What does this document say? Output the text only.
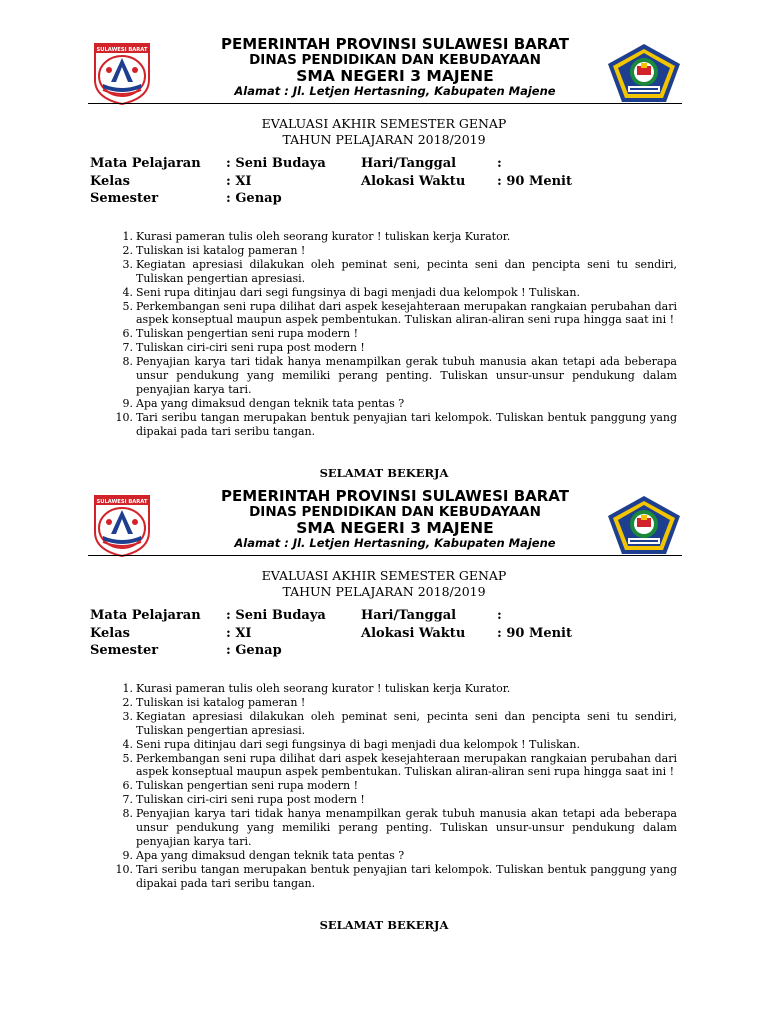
SULAWESI BARAT	PEMERINTAH PROVINSI SULAWESI BARAT
DINAS PENDIDIKAN DAN KEBUDAYAAN
SMA NEGERI 3 MAJENE
Alamat : Jl. Letjen Hertasning, Kabupaten Majene
EVALUASI AKHIR SEMESTER GENAP
TAHUN PELAJARAN 2018/2019
Mata Pelajaran : Seni Budaya	Hari/Tanggal	:
Kelas	: XI	Alokasi Waktu : 90 Menit
Semester	: Genap
1. Kurasi pameran tulis oleh seorang kurator ! tuliskan kerja Kurator.
2. Tuliskan isi katalog pameran !
3. Kegiatan apresiasi dilakukan oleh peminat seni, pecinta seni dan pencipta seni tu sendiri, Tuliskan pengertian apresiasi.
4. Seni rupa ditinjau dari segi fungsinya di bagi menjadi dua kelompok ! Tuliskan.
5. Perkembangan seni rupa dilihat dari aspek kesejahteraan merupakan rangkaian perubahan dari aspek konseptual maupun aspek pembentukan. Tuliskan aliran-aliran seni rupa hingga saat ini !
6. Tuliskan pengertian seni rupa modern !
7. Tuliskan ciri-ciri seni rupa post modern !
8. Penyajian karya tari tidak hanya menampilkan gerak tubuh manusia akan tetapi ada beberapa unsur pendukung yang memiliki perang penting. Tuliskan unsur-unsur pendukung dalam penyajian karya tari.
9. Apa yang dimaksud dengan teknik tata pentas ?
10. Tari seribu tangan merupakan bentuk penyajian tari kelompok. Tuliskan bentuk panggung yang dipakai pada tari seribu tangan.
SELAMAT BEKERJA
SULAWESI BARAT	PEMERINTAH PROVINSI SULAWESI BARAT
DINAS PENDIDIKAN DAN KEBUDAYAAN
SMA NEGERI 3 MAJENE
Alamat : Jl. Letjen Hertasning, Kabupaten Majene
EVALUASI AKHIR SEMESTER GENAP
TAHUN PELAJARAN 2018/2019
Mata Pelajaran : Seni Budaya	Hari/Tanggal	:
Kelas	: XI	Alokasi Waktu : 90 Menit
Semester	: Genap
1. Kurasi pameran tulis oleh seorang kurator ! tuliskan kerja Kurator.
2. Tuliskan isi katalog pameran !
3. Kegiatan apresiasi dilakukan oleh peminat seni, pecinta seni dan pencipta seni tu sendiri, Tuliskan pengertian apresiasi.
4. Seni rupa ditinjau dari segi fungsinya di bagi menjadi dua kelompok ! Tuliskan.
5. Perkembangan seni rupa dilihat dari aspek kesejahteraan merupakan rangkaian perubahan dari aspek konseptual maupun aspek pembentukan. Tuliskan aliran-aliran seni rupa hingga saat ini !
6. Tuliskan pengertian seni rupa modern !
7. Tuliskan ciri-ciri seni rupa post modern !
8. Penyajian karya tari tidak hanya menampilkan gerak tubuh manusia akan tetapi ada beberapa unsur pendukung yang memiliki perang penting. Tuliskan unsur-unsur pendukung dalam penyajian karya tari.
9. Apa yang dimaksud dengan teknik tata pentas ?
10. Tari seribu tangan merupakan bentuk penyajian tari kelompok. Tuliskan bentuk panggung yang dipakai pada tari seribu tangan.
SELAMAT BEKERJA
